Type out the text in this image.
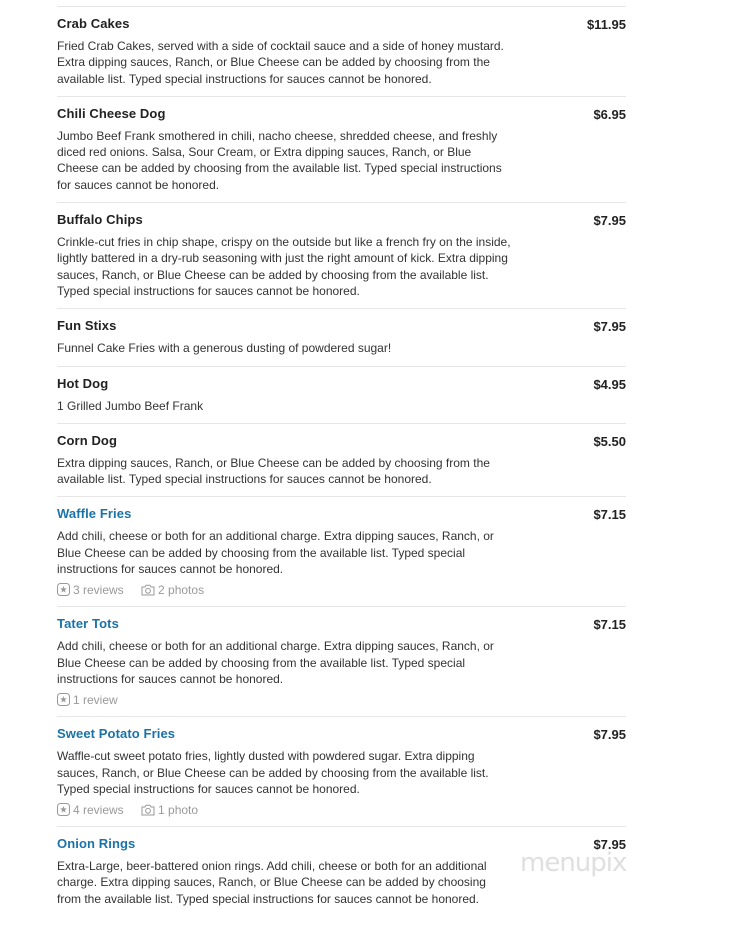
Crab Cakes	$11.95
Fried Crab Cakes, served with a side of cocktail sauce and a side of honey mustard. Extra dipping sauces, Ranch, or Blue Cheese can be added by choosing from the available list. Typed special instructions for sauces cannot be honored.
Chili Cheese Dog	$6.95
Jumbo Beef Frank smothered in chili, nacho cheese, shredded cheese, and freshly diced red onions. Salsa, Sour Cream, or Extra dipping sauces, Ranch, or Blue Cheese can be added by choosing from the available list. Typed special instructions for sauces cannot be honored.
Buffalo Chips	$7.95
Crinkle-cut fries in chip shape, crispy on the outside but like a french fry on the inside, lightly battered in a dry-rub seasoning with just the right amount of kick. Extra dipping sauces, Ranch, or Blue Cheese can be added by choosing from the available list. Typed special instructions for sauces cannot be honored.
Fun Stixs	$7.95
Funnel Cake Fries with a generous dusting of powdered sugar!
Hot Dog	$4.95
1 Grilled Jumbo Beef Frank
Corn Dog	$5.50
Extra dipping sauces, Ranch, or Blue Cheese can be added by choosing from the available list. Typed special instructions for sauces cannot be honored.
Waffle Fries	$7.15
Add chili, cheese or both for an additional charge. Extra dipping sauces, Ranch, or Blue Cheese can be added by choosing from the available list. Typed special instructions for sauces cannot be honored.
3 reviews	2 photos
Tater Tots	$7.15
Add chili, cheese or both for an additional charge. Extra dipping sauces, Ranch, or Blue Cheese can be added by choosing from the available list. Typed special instructions for sauces cannot be honored.
1 review
Sweet Potato Fries	$7.95
Waffle-cut sweet potato fries, lightly dusted with powdered sugar. Extra dipping sauces, Ranch, or Blue Cheese can be added by choosing from the available list. Typed special instructions for sauces cannot be honored.
4 reviews	1 photo
Onion Rings	$7.95
Extra-Large, beer-battered onion rings. Add chili, cheese or both for an additional charge. Extra dipping sauces, Ranch, or Blue Cheese can be added by choosing from the available list. Typed special instructions for sauces cannot be honored.
menupix
